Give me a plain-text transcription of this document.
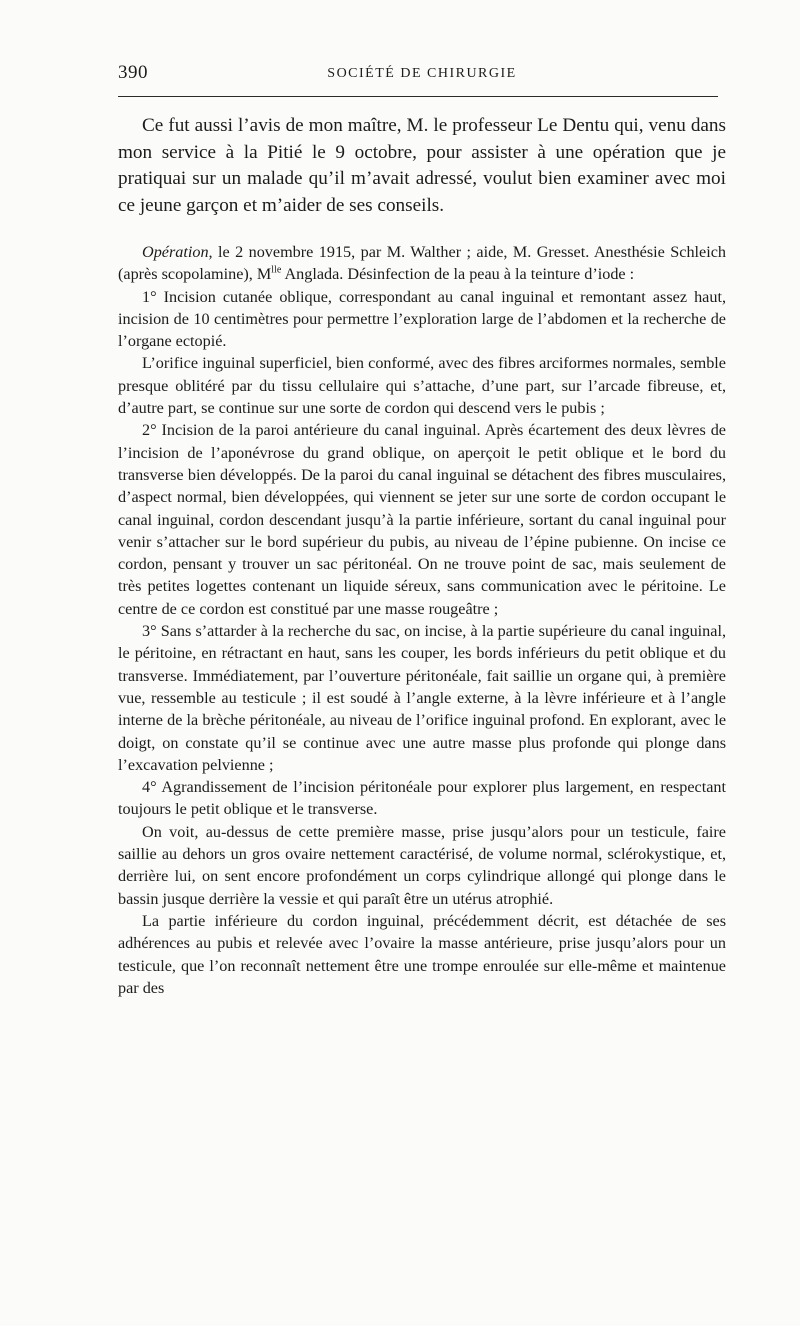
390	SOCIÉTÉ DE CHIRURGIE

Ce fut aussi l’avis de mon maître, M. le professeur Le Dentu qui, venu dans mon service à la Pitié le 9 octobre, pour assister à une opération que je pratiquai sur un malade qu’il m’avait adressé, voulut bien examiner avec moi ce jeune garçon et m’aider de ses conseils.

Opération, le 2 novembre 1915, par M. Walther ; aide, M. Gresset. Anesthésie Schleich (après scopolamine), $M^{lle}$ Anglada. Désinfection de la peau à la teinture d’iode :

1° Incision cutanée oblique, correspondant au canal inguinal et remontant assez haut, incision de 10 centimètres pour permettre l’exploration large de l’abdomen et la recherche de l’organe ectopié.

L’orifice inguinal superficiel, bien conformé, avec des fibres arciformes normales, semble presque oblitéré par du tissu cellulaire qui s’attache, d’une part, sur l’arcade fibreuse, et, d’autre part, se continue sur une sorte de cordon qui descend vers le pubis ;

2° Incision de la paroi antérieure du canal inguinal. Après écartement des deux lèvres de l’incision de l’aponévrose du grand oblique, on aperçoit le petit oblique et le bord du transverse bien développés. De la paroi du canal inguinal se détachent des fibres musculaires, d’aspect normal, bien développées, qui viennent se jeter sur une sorte de cordon occupant le canal inguinal, cordon descendant jusqu’à la partie inférieure, sortant du canal inguinal pour venir s’attacher sur le bord supérieur du pubis, au niveau de l’épine pubienne. On incise ce cordon, pensant y trouver un sac péritonéal. On ne trouve point de sac, mais seulement de très petites logettes contenant un liquide séreux, sans communication avec le péritoine. Le centre de ce cordon est constitué par une masse rougeâtre ;

3° Sans s’attarder à la recherche du sac, on incise, à la partie supérieure du canal inguinal, le péritoine, en rétractant en haut, sans les couper, les bords inférieurs du petit oblique et du transverse. Immédiatement, par l’ouverture péritonéale, fait saillie un organe qui, à première vue, ressemble au testicule ; il est soudé à l’angle externe, à la lèvre inférieure et à l’angle interne de la brèche péritonéale, au niveau de l’orifice inguinal profond. En explorant, avec le doigt, on constate qu’il se continue avec une autre masse plus profonde qui plonge dans l’excavation pelvienne ;

4° Agrandissement de l’incision péritonéale pour explorer plus largement, en respectant toujours le petit oblique et le transverse.

On voit, au-dessus de cette première masse, prise jusqu’alors pour un testicule, faire saillie au dehors un gros ovaire nettement caractérisé, de volume normal, sclérokystique, et, derrière lui, on sent encore profondément un corps cylindrique allongé qui plonge dans le bassin jusque derrière la vessie et qui paraît être un utérus atrophié.

La partie inférieure du cordon inguinal, précédemment décrit, est détachée de ses adhérences au pubis et relevée avec l’ovaire la masse antérieure, prise jusqu’alors pour un testicule, que l’on reconnaît nettement être une trompe enroulée sur elle-même et maintenue par des
